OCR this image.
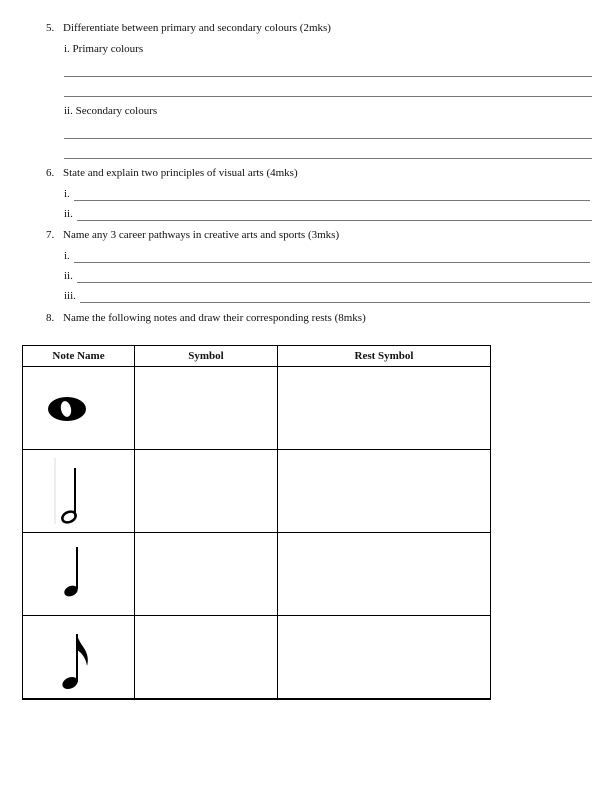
5. Differentiate between primary and secondary colours (2mks)
i. Primary colours
ii. Secondary colours
6. State and explain two principles of visual arts (4mks)
i.
ii.
7. Name any 3 career pathways in creative arts and sports (3mks)
i.
ii.
iii.
8. Name the following notes and draw their corresponding rests (8mks)
Note Name	Symbol	Rest Symbol
